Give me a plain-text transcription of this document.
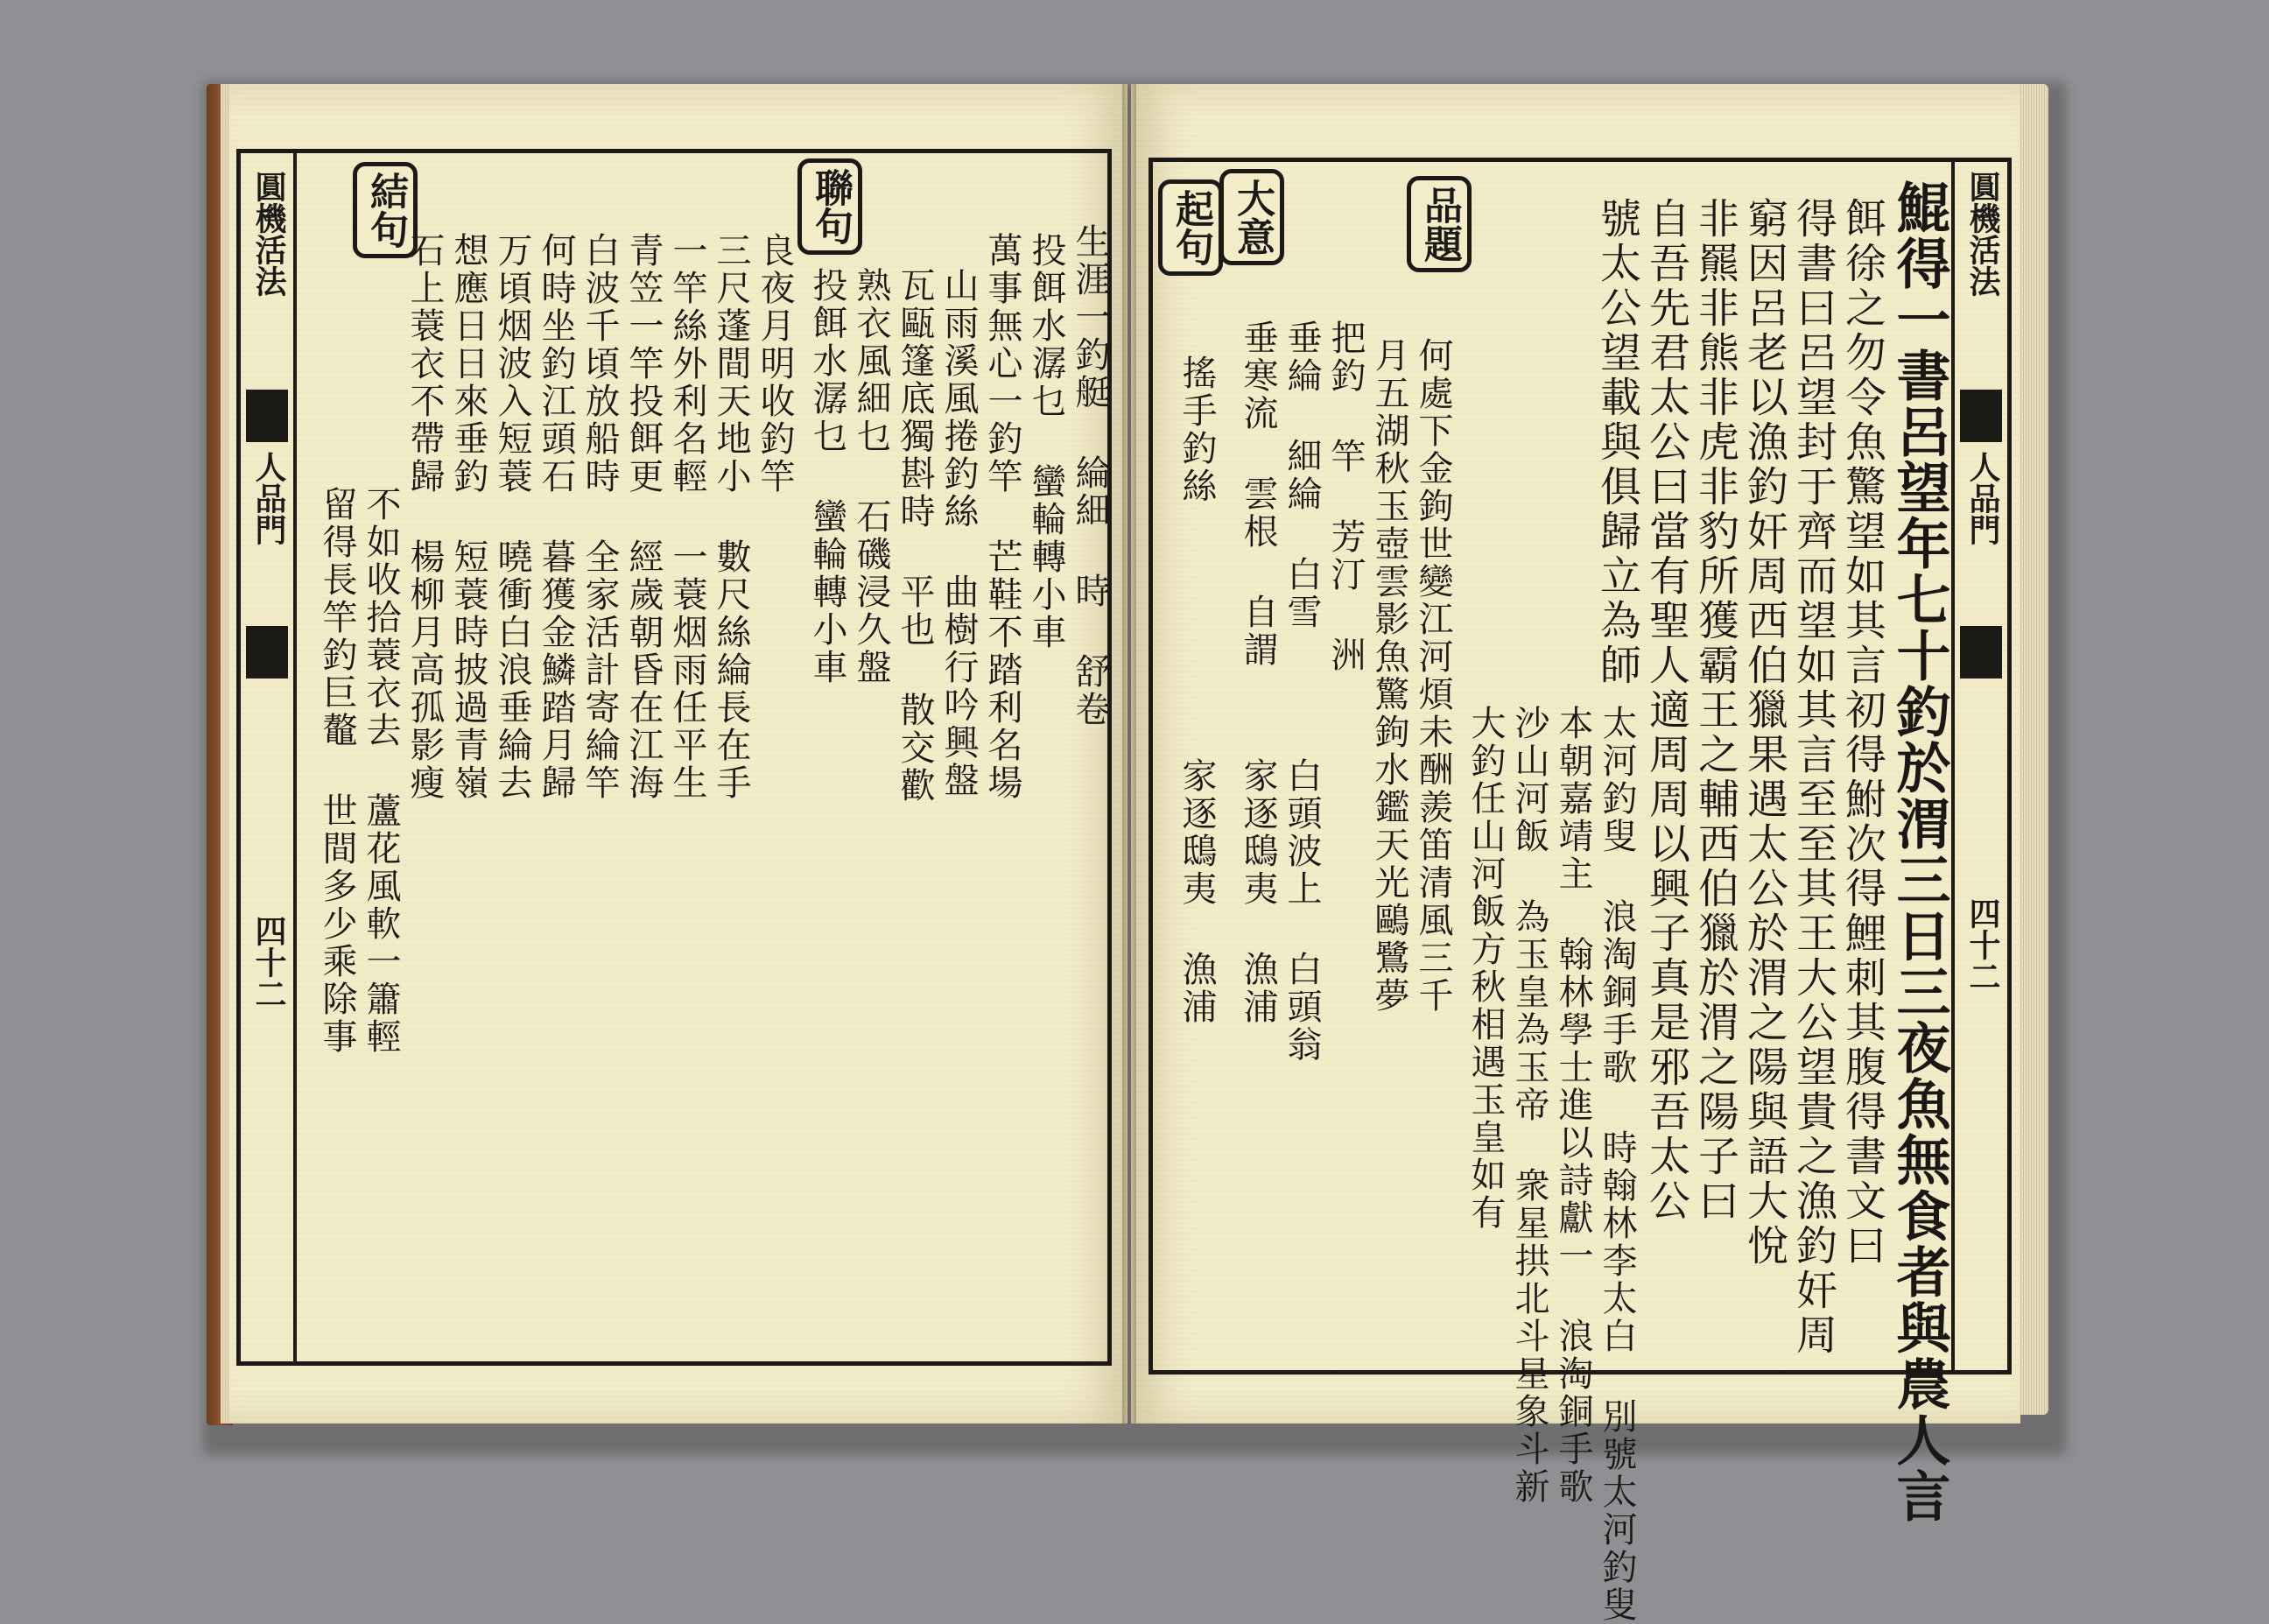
圓機活法
人品門
四十二
結句	聯句
留得長竿釣巨鼇 世間多少乘除事 不如收拾蓑衣去 蘆花風軟一簫輕 石上蓑衣不帶歸 楊柳月高孤影瘦 想應日日來垂釣 短蓑時披過青嶺 万頃烟波入短蓑 曉衝白浪垂綸去 何時坐釣江頭石 暮獲金鱗踏月歸 白波千頃放船時 全家活計寄綸竿 青笠一竿投餌更 經歲朝昏在江海 一竿絲外利名輕 一蓑烟雨任平生 三尺蓬間天地小 數尺絲綸長在手 良夜月明收釣竿 投餌水潺乜 蠻輪轉小車 熟衣風細乜 石磯浸久盤 瓦甌篷底獨斟時 平也 散交歡 山雨溪風捲釣絲 曲樹行吟興盤 萬事無心一釣竿 芒鞋不踏利名場 投餌水潺乜 蠻輪轉小車 生涯一釣艇 綸細 時 舒卷	圓機活法
人品門
四十二
鯤得一書呂望年七十釣於渭三日三夜魚無食者與農人言
餌徐之勿令魚驚望如其言初得鮒次得鯉刺其腹得書文曰
得書曰呂望封于齊而望如其言至至其王大公望貴之漁釣奸周
窮因呂老以漁釣奸周西伯獵果遇太公於渭之陽與語大悅
非羆非熊非虎非豹所獲霸王之輔西伯獵於渭之陽子曰
自吾先君太公曰當有聖人適周周以興子真是邪吾太公
號太公望載與俱歸立為師
太河釣叟 浪淘銅手歌 時翰林李太白 別號太河釣叟
本朝嘉靖主 翰林學士進以詩獻一 浪淘銅手歌
沙山河飯 為玉皇為玉帝 衆星拱北斗星象斗新
大釣任山河飯方秋相遇玉皇如有
品題
何處下金鉤世變江河煩未酬羨笛清風三千
月五湖秋玉壺雲影魚驚鉤水鑑天光鷗鷺夢
大意
把釣 竿 芳汀 洲
垂綸 細綸 白雪
垂寒流 雲根 自謂
白頭波上 白頭翁
家逐鴟夷 漁浦
起句
搖手釣絲
家逐鴟夷 漁浦
